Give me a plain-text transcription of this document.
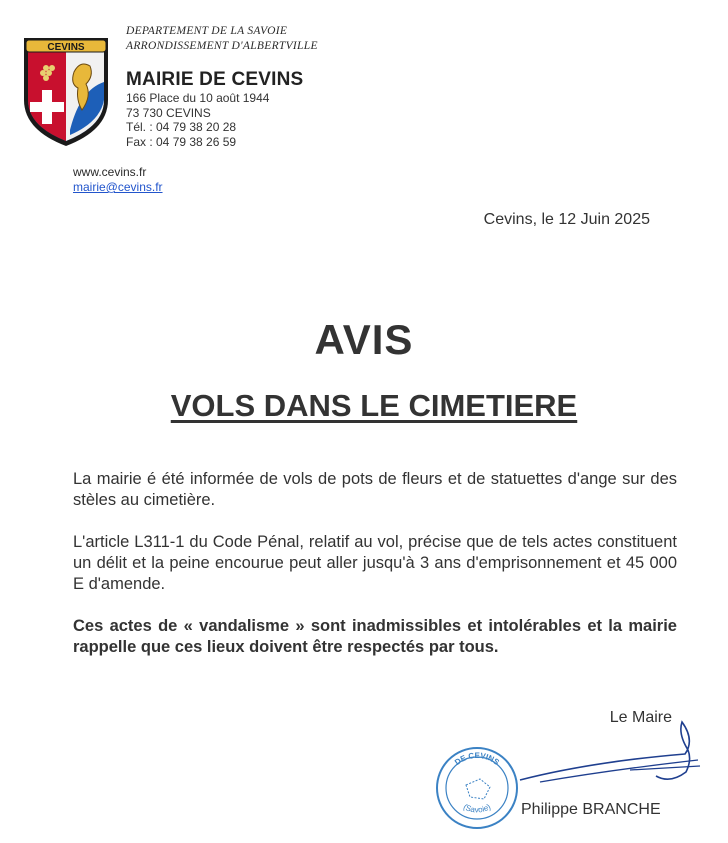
CEVINS
DEPARTEMENT DE LA SAVOIE
ARRONDISSEMENT D'ALBERTVILLE
MAIRIE DE CEVINS
166 Place du 10 août 1944
73 730 CEVINS
Tél. : 04 79 38 20 28
Fax : 04 79 38 26 59
www.cevins.fr
mairie@cevins.fr
Cevins, le 12 Juin 2025
AVIS
VOLS DANS LE CIMETIERE

La mairie é été informée de vols de pots de fleurs et de statuettes d'ange sur des stèles au cimetière.

L'article L311-1 du Code Pénal, relatif au vol, précise que de tels actes constituent un délit et la peine encourue peut aller jusqu'à 3 ans d'emprisonnement et 45 000 E d'amende.

Ces actes de « vandalisme » sont inadmissibles et intolérables et la mairie rappelle que ces lieux doivent être respectés par tous.

Le Maire
DE CEVINS
(Savoie) Philippe BRANCHE
